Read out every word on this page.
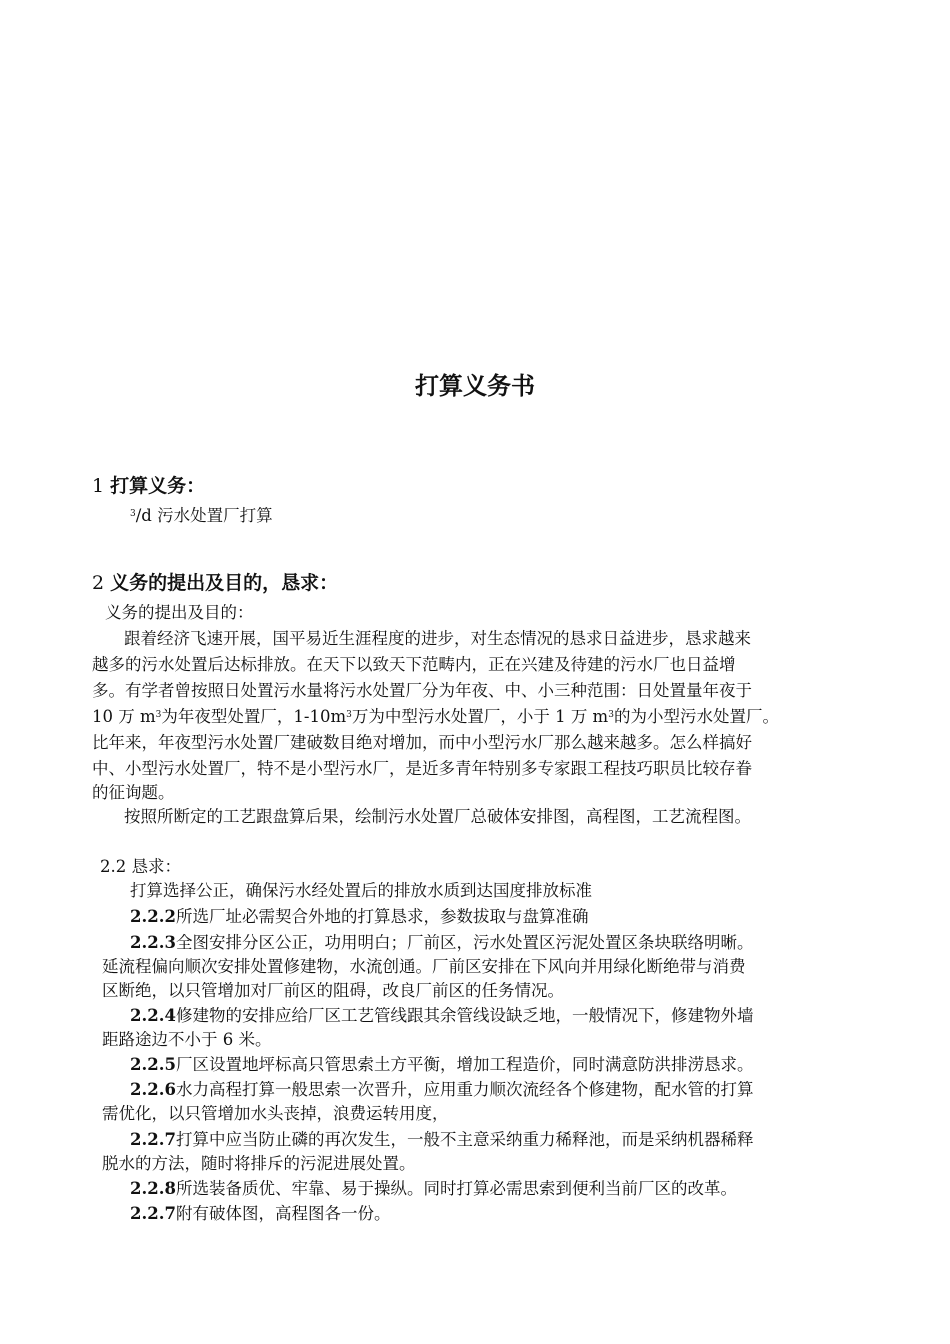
打算义务书
1 打算义务：
$^3$/d 污水处置厂打算
2 义务的提出及目的，恳求：
义务的提出及目的：
跟着经济飞速开展，国平易近生涯程度的进步，对生态情况的恳求日益进步，恳求越来
越多的污水处置后达标排放。在天下以致天下范畴内，正在兴建及待建的污水厂也日益增
多。有学者曾按照日处置污水量将污水处置厂分为年夜、中、小三种范围：日处置量年夜于
10 万 $m^3$为年夜型处置厂，$1-10m^3$万为中型污水处置厂，小于 1 万 $m^3$的为小型污水处置厂。
比年来，年夜型污水处置厂建破数目绝对增加，而中小型污水厂那么越来越多。怎么样搞好
中、小型污水处置厂，特不是小型污水厂，是近多青年特别多专家跟工程技巧职员比较存眷
的征询题。
按照所断定的工艺跟盘算后果，绘制污水处置厂总破体安排图，高程图，工艺流程图。
2.2 恳求：
打算选择公正，确保污水经处置后的排放水质到达国度排放标准
2.2.2所选厂址必需契合外地的打算恳求，参数拔取与盘算准确
2.2.3全图安排分区公正，功用明白；厂前区，污水处置区污泥处置区条块联络明晰。
延流程偏向顺次安排处置修建物，水流创通。厂前区安排在下风向并用绿化断绝带与消费
区断绝，以只管增加对厂前区的阻碍，改良厂前区的任务情况。
2.2.4修建物的安排应给厂区工艺管线跟其余管线设缺乏地，一般情况下，修建物外墙
距路途边不小于 6 米。
2.2.5厂区设置地坪标高只管思索土方平衡，增加工程造价，同时满意防洪排涝恳求。
2.2.6水力高程打算一般思索一次晋升，应用重力顺次流经各个修建物，配水管的打算
需优化，以只管增加水头丧掉，浪费运转用度，
2.2.7打算中应当防止磷的再次发生，一般不主意采纳重力稀释池，而是采纳机器稀释
脱水的方法，随时将排斥的污泥进展处置。
2.2.8所选装备质优、牢靠、易于操纵。同时打算必需思索到便利当前厂区的改革。
2.2.7附有破体图，高程图各一份。
